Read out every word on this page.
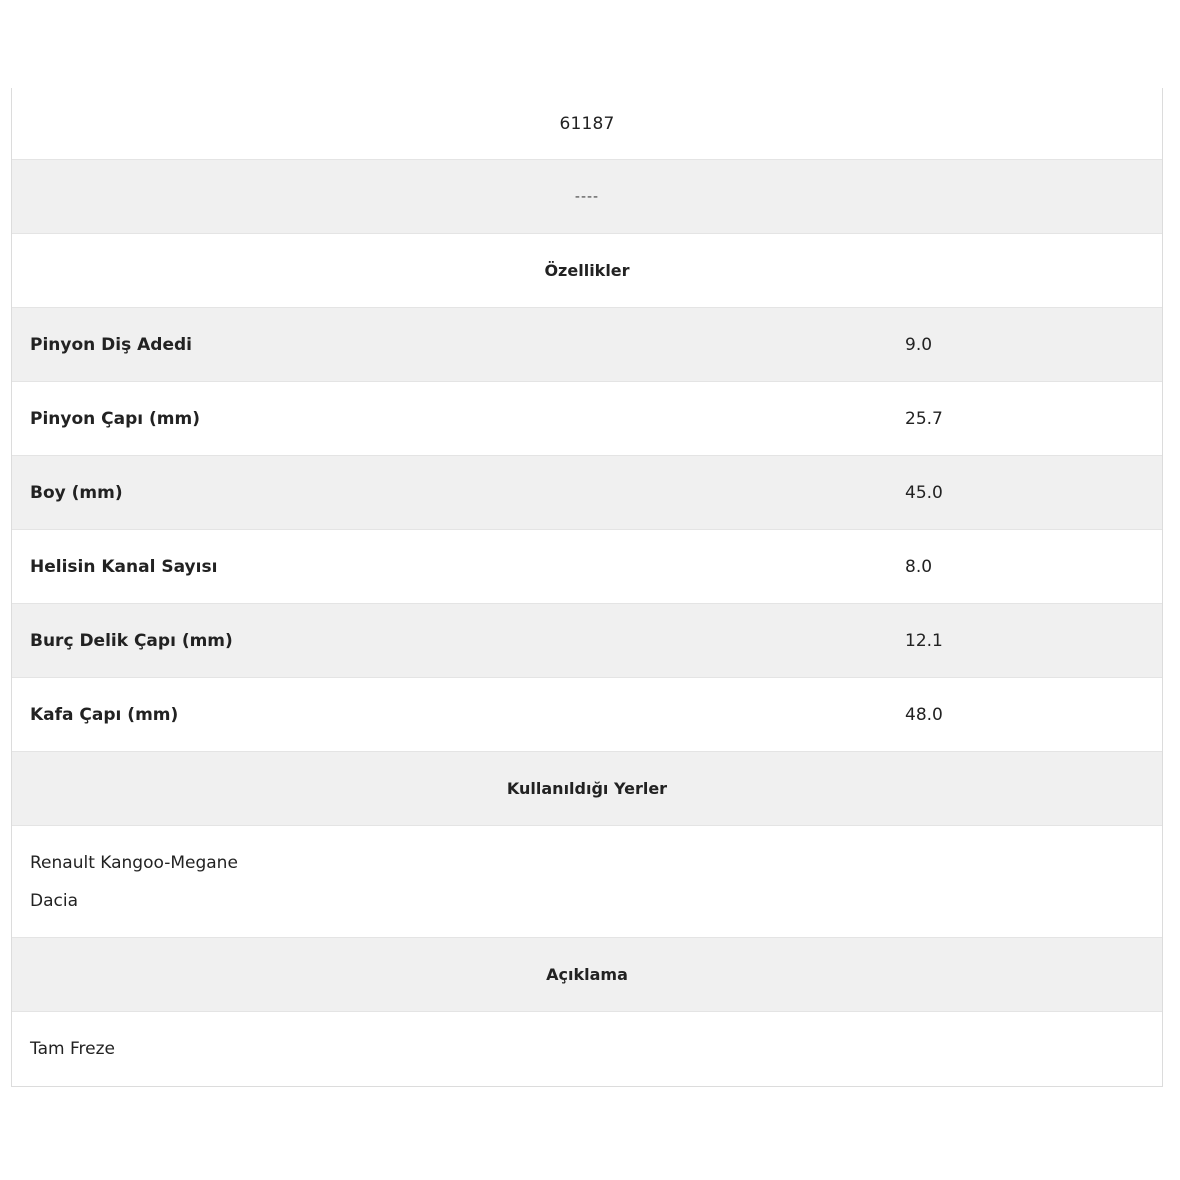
61187
----
Özellikler
Pinyon Diş Adedi	9.0
Pinyon Çapı (mm)	25.7
Boy (mm)	45.0
Helisin Kanal Sayısı	8.0
Burç Delik Çapı (mm)	12.1
Kafa Çapı (mm)	48.0
Kullanıldığı Yerler
Renault Kangoo-Megane
Dacia
Açıklama
Tam Freze
